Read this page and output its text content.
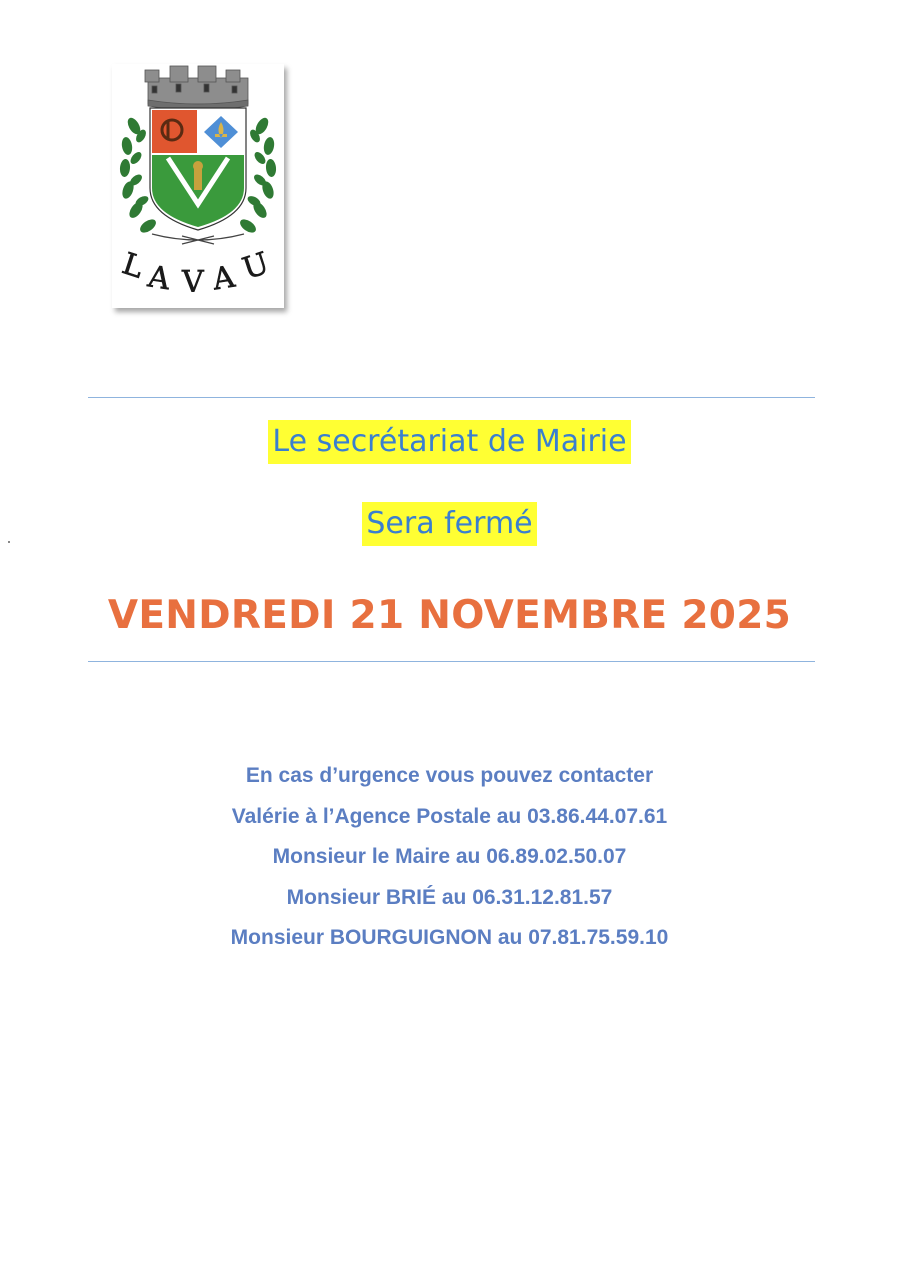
L
A V A U
Le secrétariat de Mairie
Sera fermé
VENDREDI 21 NOVEMBRE 2025
En cas d’urgence vous pouvez contacter
Valérie à l’Agence Postale au 03.86.44.07.61
Monsieur le Maire au 06.89.02.50.07
Monsieur BRIÉ au 06.31.12.81.57
Monsieur BOURGUIGNON au 07.81.75.59.10
